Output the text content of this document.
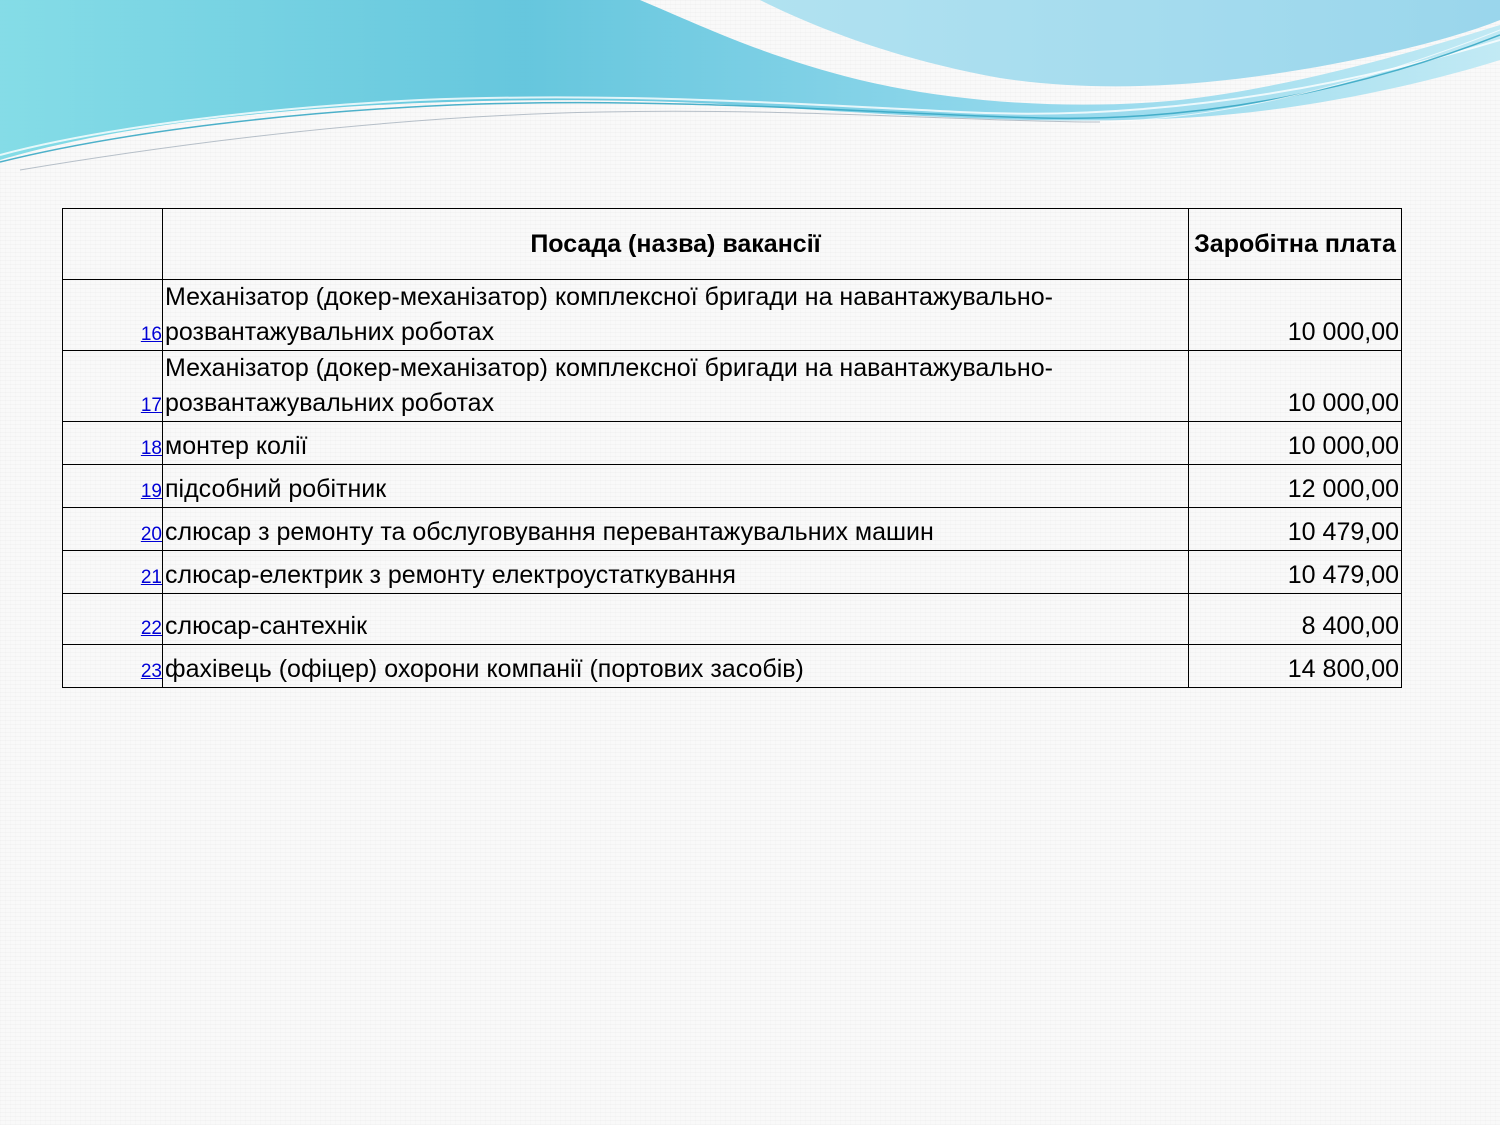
	Посада (назва) вакансії	Заробітна плата
16	Механізатор (докер-механізатор) комплексної бригади на навантажувально-розвантажувальних роботах	10 000,00
17	Механізатор (докер-механізатор) комплексної бригади на навантажувально-розвантажувальних роботах	10 000,00
18	монтер колії	10 000,00
19	підсобний робітник	12 000,00
20	слюсар з ремонту та обслуговування перевантажувальних машин	10 479,00
21	слюсар-електрик з ремонту електроустаткування	10 479,00
22	слюсар-сантехнік	8 400,00
23	фахівець (офіцер) охорони компанії (портових засобів)	14 800,00
